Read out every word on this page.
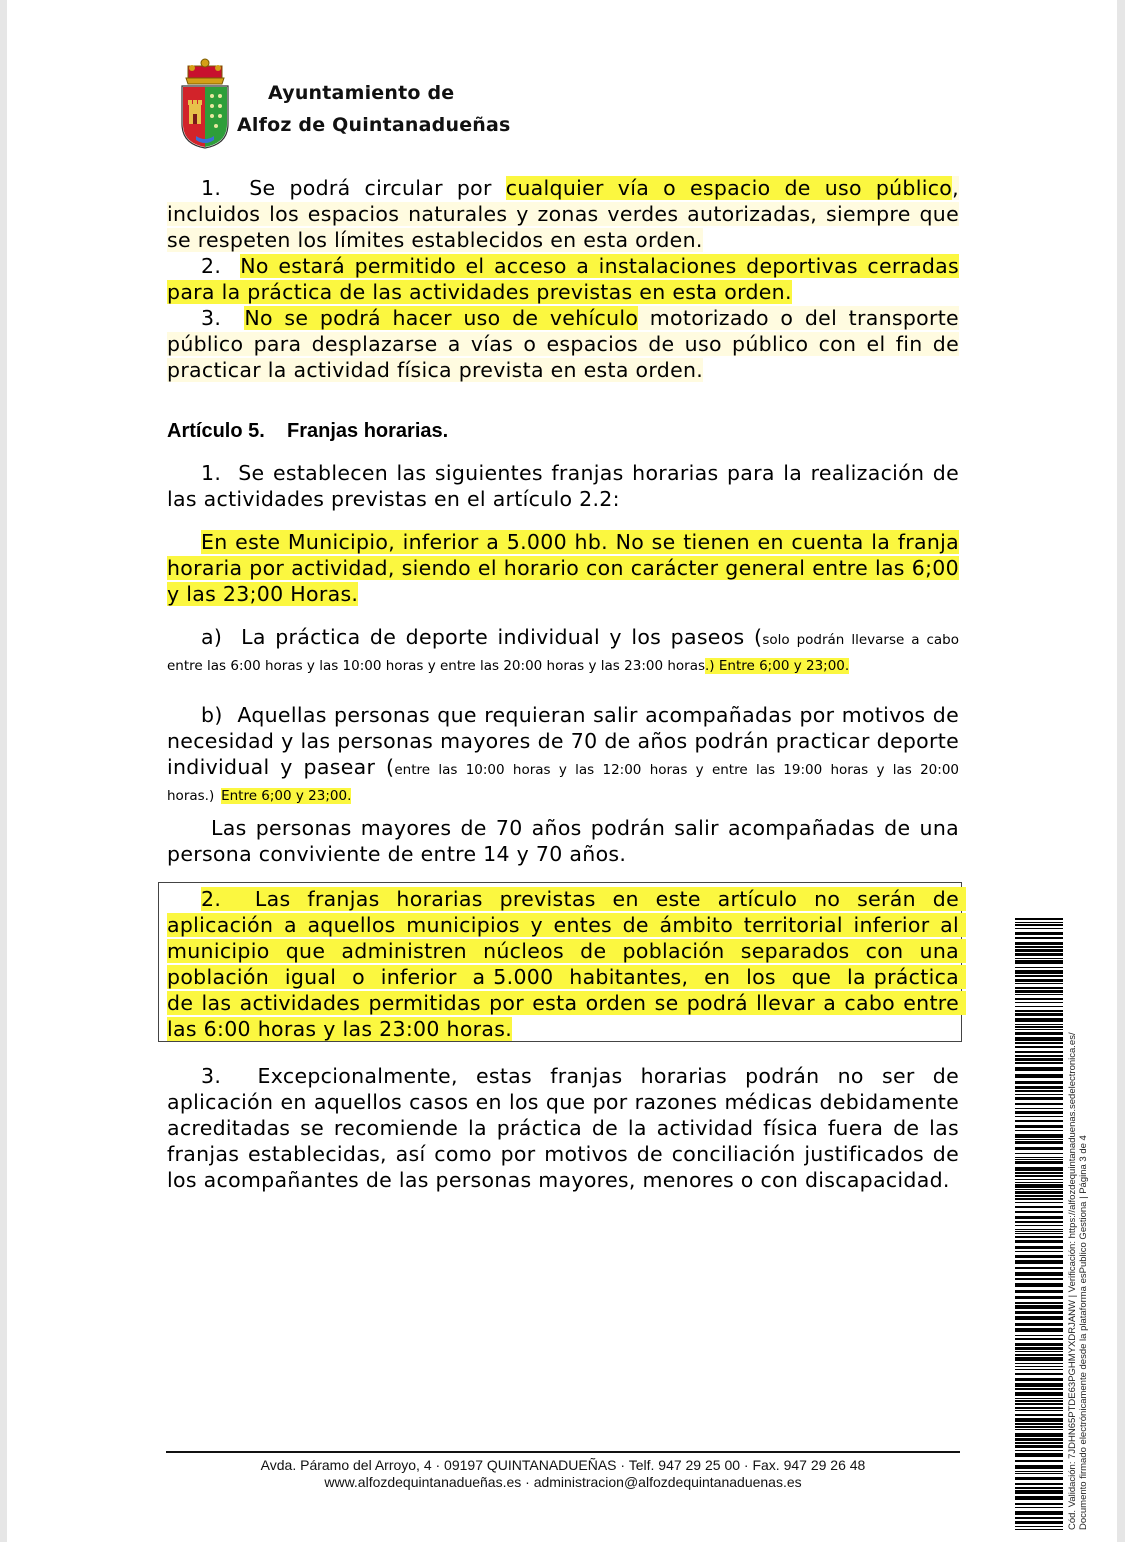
Ayuntamiento de
Alfoz de Quintanadueñas
1. Se podrá circular por cualquier vía o espacio de uso público, incluidos los espacios naturales y zonas verdes autorizadas, siempre que se respeten los límites establecidos en esta orden.
2. No estará permitido el acceso a instalaciones deportivas cerradas para la práctica de las actividades previstas en esta orden.
3. No se podrá hacer uso de vehículo motorizado o del transporte público para desplazarse a vías o espacios de uso público con el fin de practicar la actividad física prevista en esta orden.
Artículo 5.    Franjas horarias.
1. Se establecen las siguientes franjas horarias para la realización de las actividades previstas en el artículo 2.2:
En este Municipio, inferior a 5.000 hb. No se tienen en cuenta la franja horaria por actividad, siendo el horario con carácter general entre las 6;00 y las 23;00 Horas.
a) La práctica de deporte individual y los paseos (solo podrán llevarse a cabo entre las 6:00 horas y las 10:00 horas y entre las 20:00 horas y las 23:00 horas.) Entre 6;00 y 23;00.
b) Aquellas personas que requieran salir acompañadas por motivos de necesidad y las personas mayores de 70 de años podrán practicar deporte individual y pasear (entre las 10:00 horas y las 12:00 horas y entre las 19:00 horas y las 20:00 horas.) Entre 6;00 y 23;00.
Las personas mayores de 70 años podrán salir acompañadas de una persona conviviente de entre 14 y 70 años.
2.  Las franjas horarias previstas en este artículo no serán de aplicación a aquellos municipios y entes de ámbito territorial inferior al municipio que administren núcleos de población separados con una población  igual  o  inferior  a 5.000  habitantes,  en  los  que  la práctica de las actividades permitidas por esta orden se podrá llevar a cabo entre las 6:00 horas y las 23:00 horas.
3. Excepcionalmente, estas franjas horarias podrán no ser de aplicación en aquellos casos en los que por razones médicas debidamente acreditadas se recomiende la práctica de la actividad física fuera de las franjas establecidas, así como por motivos de conciliación justificados de los acompañantes de las personas mayores, menores o con discapacidad.
Avda. Páramo del Arroyo, 4 · 09197 QUINTANADUEÑAS · Telf. 947 29 25 00 · Fax. 947 29 26 48
www.alfozdequintanadueñas.es · administracion@alfozdequintanaduenas.es	Cód. Validación: 7JDHN65PTDE63PGHMYXDRJANW | Verificación: https://alfozdequintanaduenas.sedelectronica.es/ Documento firmado electrónicamente desde la plataforma esPublico Gestiona | Página 3 de 4
